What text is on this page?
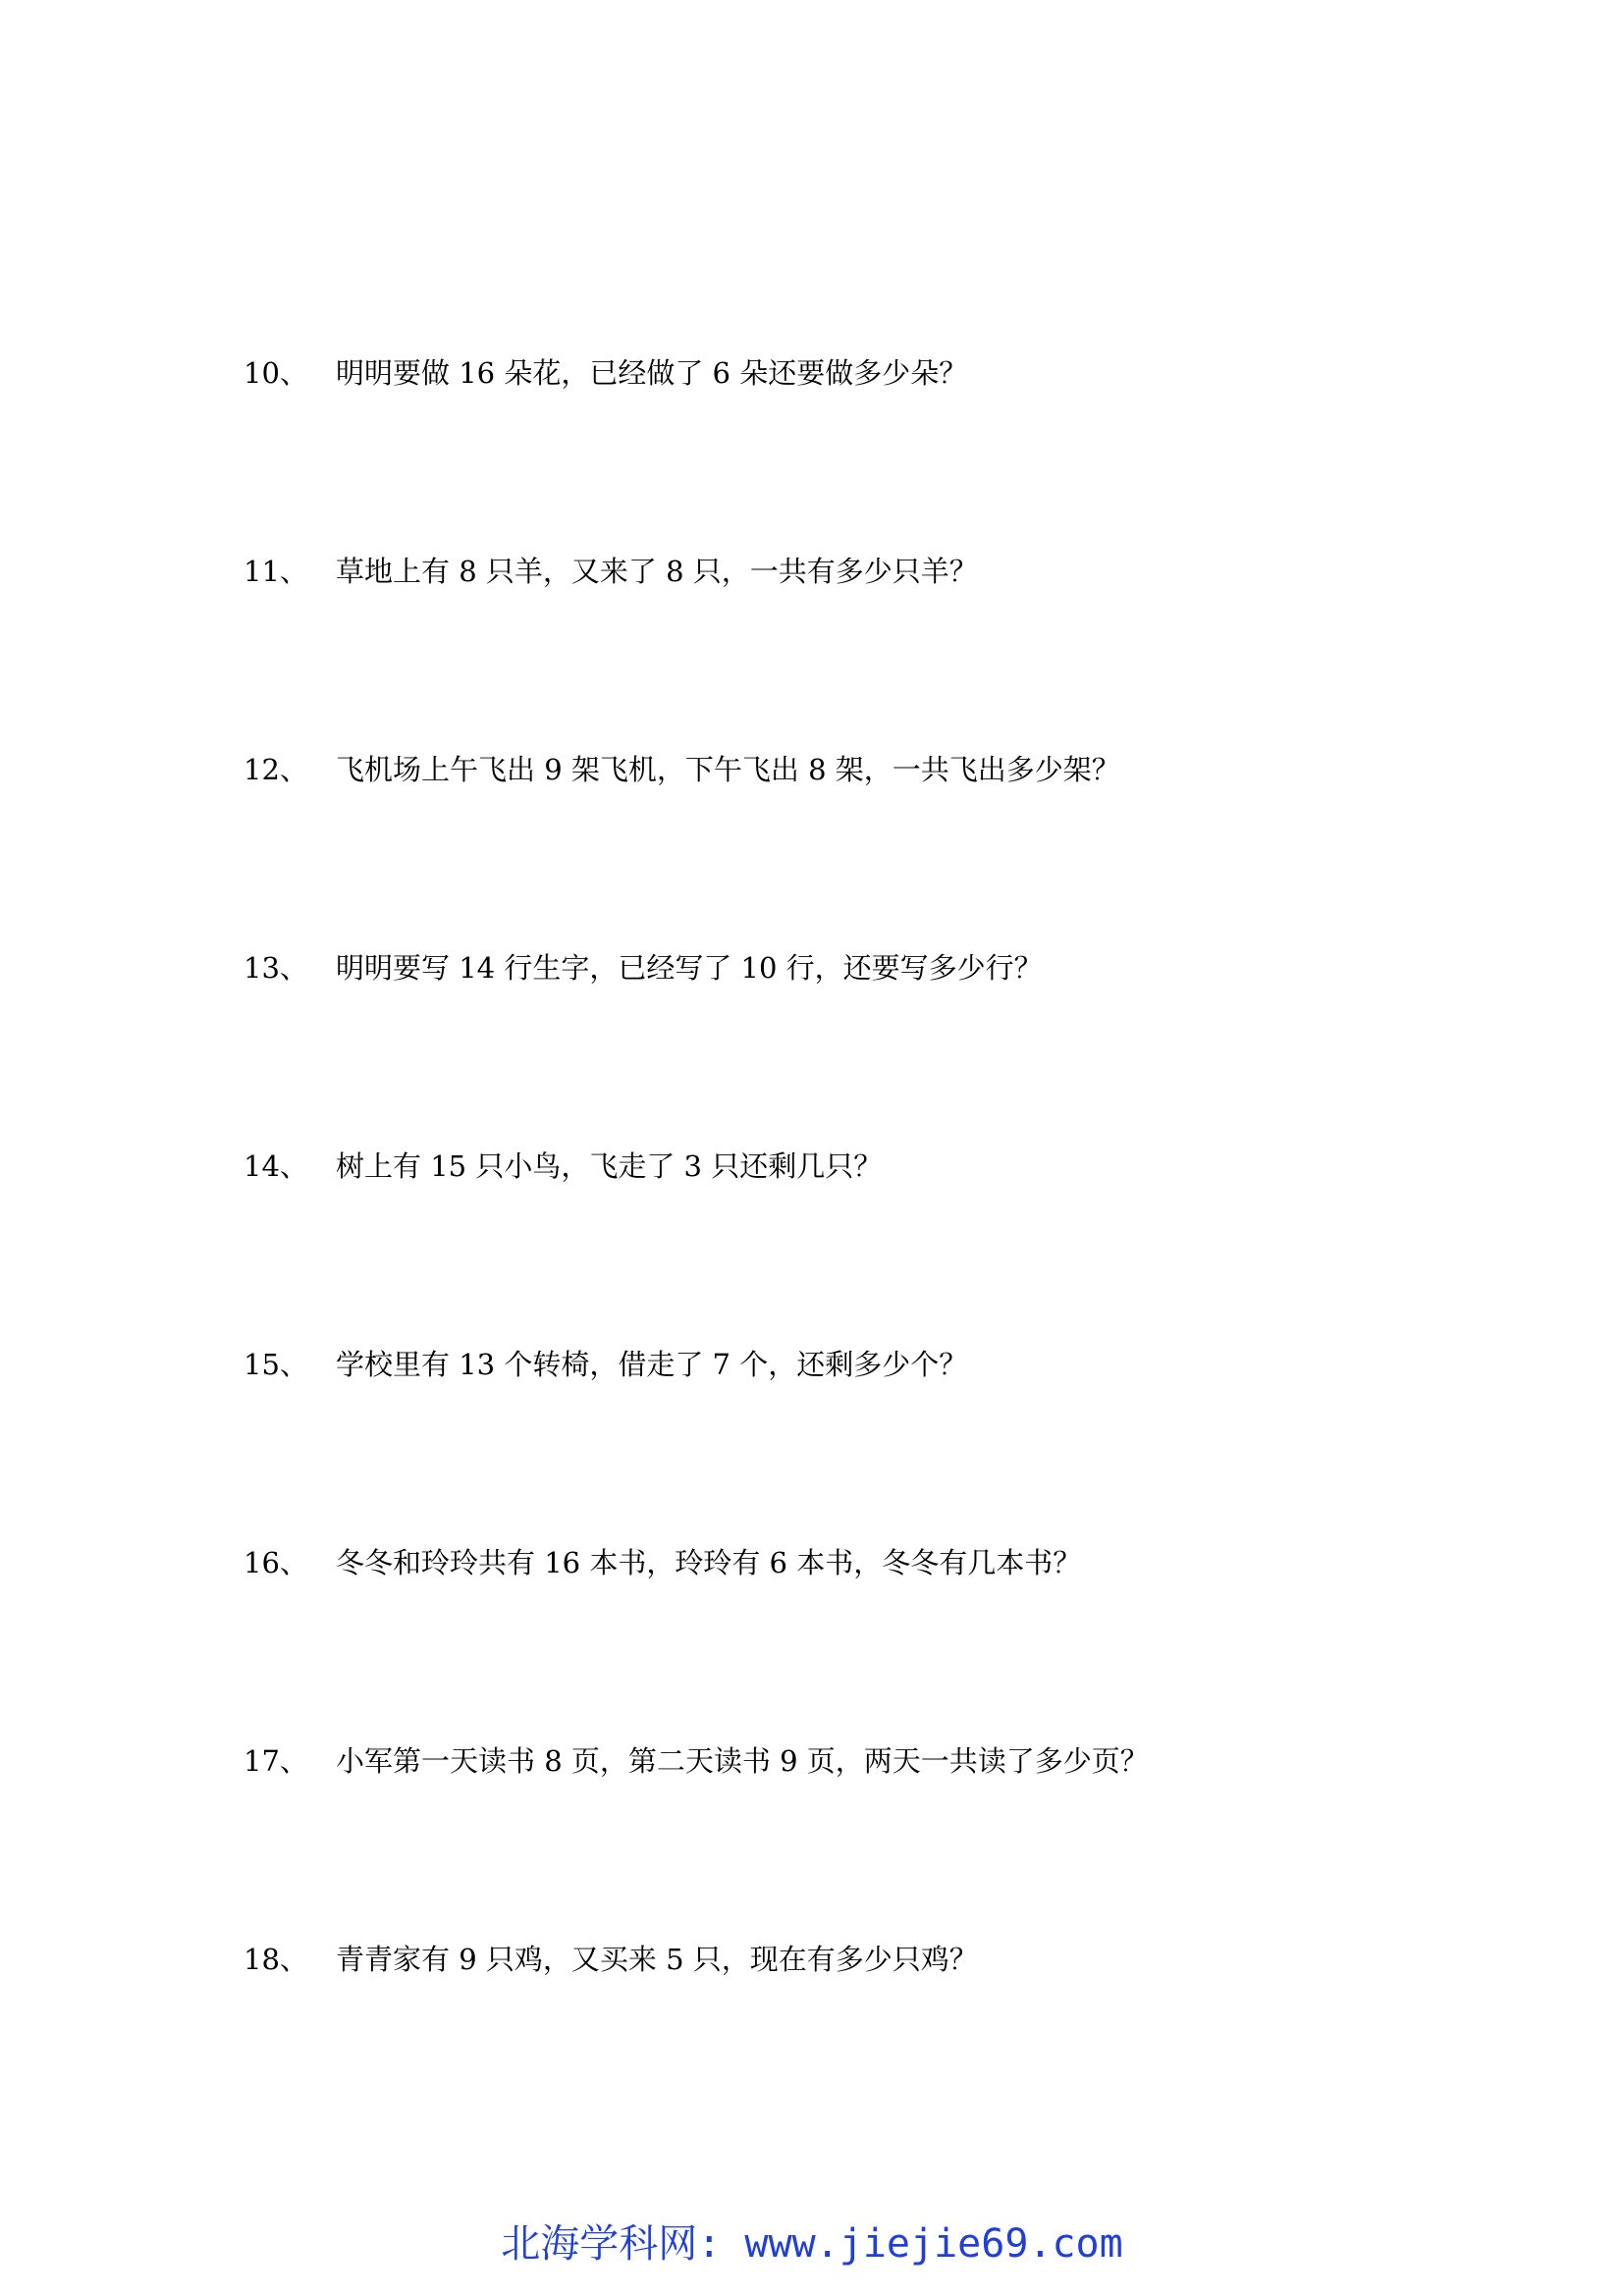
10、 明明要做 16 朵花，已经做了 6 朵还要做多少朵？
11、 草地上有 8 只羊，又来了 8 只，一共有多少只羊？
12、 飞机场上午飞出 9 架飞机，下午飞出 8 架，一共飞出多少架？
13、 明明要写 14 行生字，已经写了 10 行，还要写多少行？
14、 树上有 15 只小鸟，飞走了 3 只还剩几只？
15、 学校里有 13 个转椅，借走了 7 个，还剩多少个？
16、 冬冬和玲玲共有 16 本书，玲玲有 6 本书，冬冬有几本书？
17、 小军第一天读书 8 页，第二天读书 9 页，两天一共读了多少页？
18、 青青家有 9 只鸡，又买来 5 只，现在有多少只鸡？
北海学科网: www.jiejie69.com
